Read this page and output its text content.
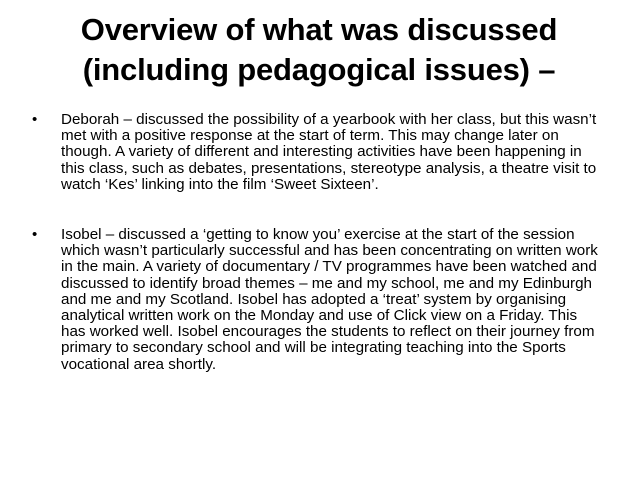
Overview of what was discussed
(including pedagogical issues) –
• Deborah – discussed the possibility of a yearbook with her class, but this wasn’t met with a positive response at the start of term. This may change later on though. A variety of different and interesting activities have been happening in this class, such as debates, presentations, stereotype analysis, a theatre visit to watch ‘Kes’ linking into the film ‘Sweet Sixteen’.
• Isobel – discussed a ‘getting to know you’ exercise at the start of the session which wasn’t particularly successful and has been concentrating on written work in the main. A variety of documentary / TV programmes have been watched and discussed to identify broad themes – me and my school, me and my Edinburgh and me and my Scotland. Isobel has adopted a ‘treat’ system by organising analytical written work on the Monday and use of Click view on a Friday. This has worked well. Isobel encourages the students to reflect on their journey from primary to secondary school and will be integrating teaching into the Sports vocational area shortly.
